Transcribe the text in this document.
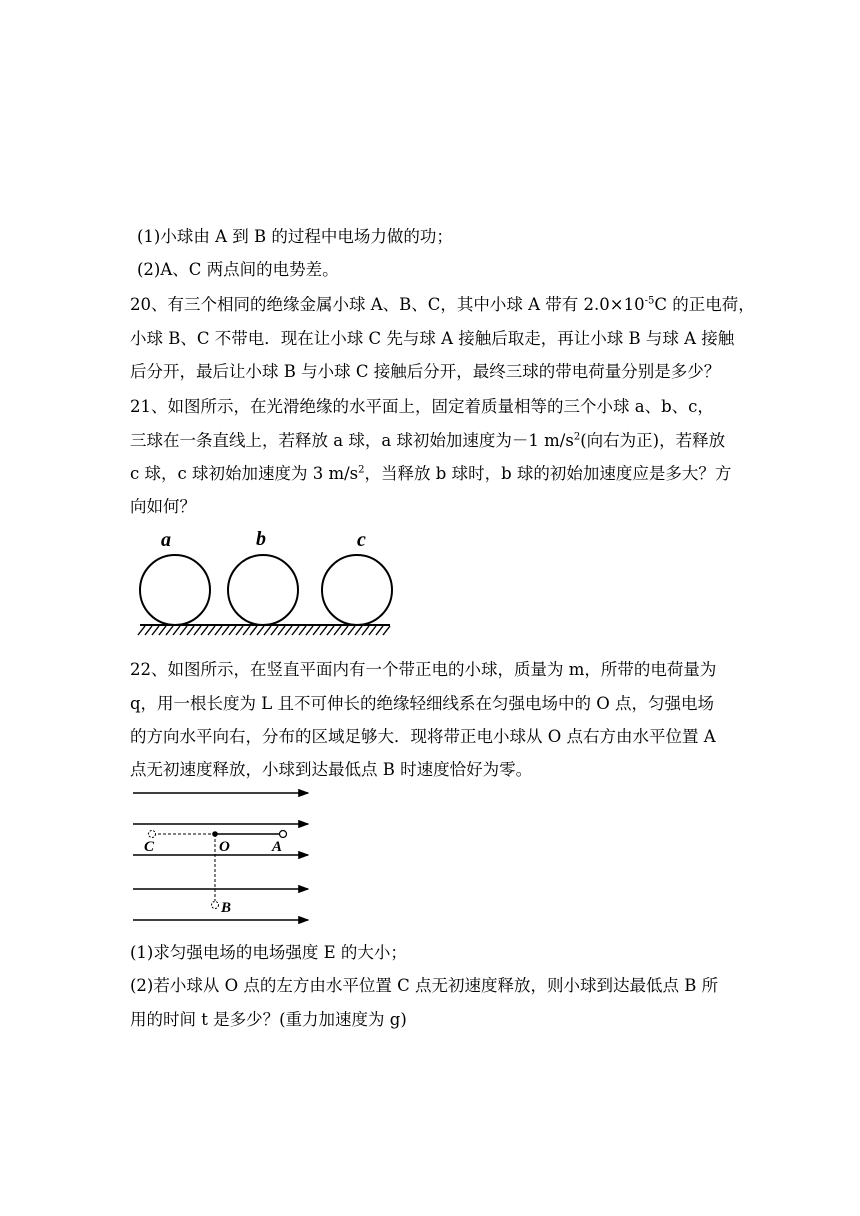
(1)小球由 A 到 B 的过程中电场力做的功；
(2)A、C 两点间的电势差。
20、有三个相同的绝缘金属小球 A、B、C，其中小球 A 带有 $2.0\times 10^{-5}C$ 的正电荷，
小球 B、C 不带电．现在让小球 C 先与球 A 接触后取走，再让小球 B 与球 A 接触
后分开，最后让小球 B 与小球 C 接触后分开，最终三球的带电荷量分别是多少？
21、如图所示，在光滑绝缘的水平面上，固定着质量相等的三个小球 a、b、c，
三球在一条直线上，若释放 a 球，a 球初始加速度为－1 $m/s^2$(向右为正)，若释放
c 球，c 球初始加速度为 3 $m/s^2$，当释放 b 球时，b 球的初始加速度应是多大？方
向如何？
a	b	c
22、如图所示，在竖直平面内有一个带正电的小球，质量为 m，所带的电荷量为
q，用一根长度为 L 且不可伸长的绝缘轻细线系在匀强电场中的 O 点，匀强电场
的方向水平向右，分布的区域足够大．现将带正电小球从 O 点右方由水平位置 A
点无初速度释放，小球到达最低点 B 时速度恰好为零。
C	O	A
B
(1)求匀强电场的电场强度 E 的大小；
(2)若小球从 O 点的左方由水平位置 C 点无初速度释放，则小球到达最低点 B 所
用的时间 t 是多少？(重力加速度为 g)
